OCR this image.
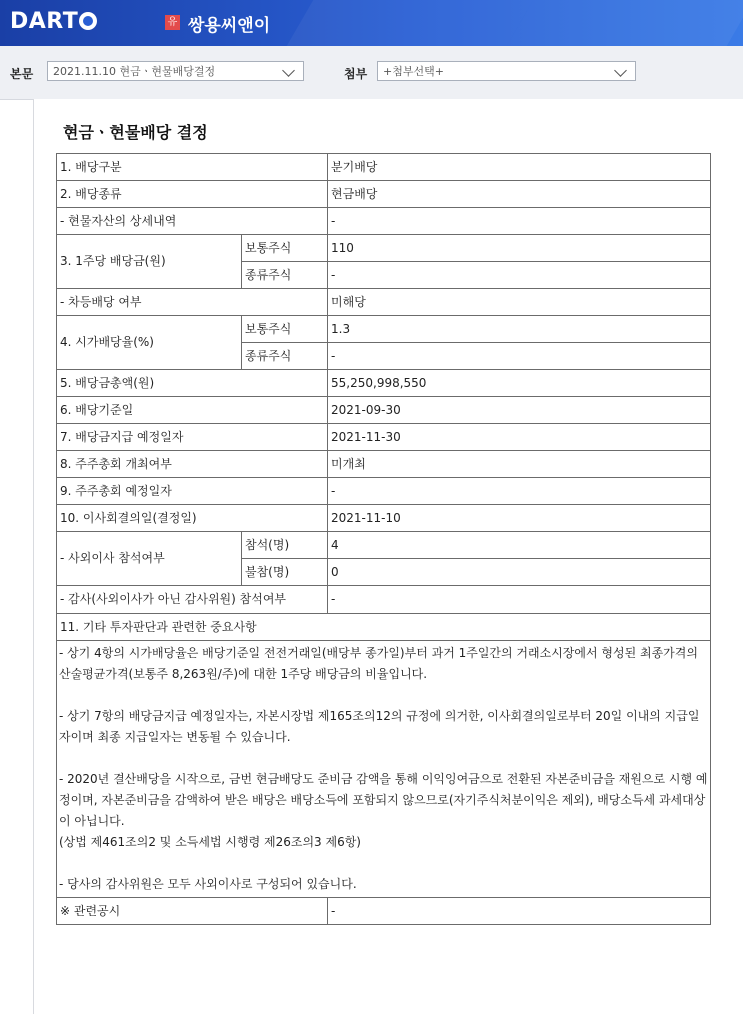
DART	유 쌍용씨앤이
본문	2021.11.10 현금ㆍ현물배당결정	첨부	+첨부선택+
현금ㆍ현물배당 결정
1. 배당구분		분기배당
2. 배당종류		현금배당
- 현물자산의 상세내역		-
3. 1주당 배당금(원)	보통주식	110
	종류주식	-
- 차등배당 여부		미해당
4. 시가배당율(%)	보통주식	1.3
	종류주식	-
5. 배당금총액(원)		55,250,998,550
6. 배당기준일		2021-09-30
7. 배당금지급 예정일자		2021-11-30
8. 주주총회 개최여부		미개최
9. 주주총회 예정일자		-
10. 이사회결의일(결정일)		2021-11-10
- 사외이사 참석여부	참석(명)	4
	불참(명)	0
- 감사(사외이사가 아닌 감사위원) 참석여부		-
11. 기타 투자판단과 관련한 중요사항		
- 상기 4항의 시가배당율은 배당기준일 전전거래일(배당부 종가일)부터 과거 1주일간의 거래소시장에서 형성된 최종가격의 산술평균가격(보통주 8,263원/주)에 대한 1주당 배당금의 비율입니다.

- 상기 7항의 배당금지급 예정일자는, 자본시장법 제165조의12의 규정에 의거한, 이사회결의일로부터 20일 이내의 지급일자이며 최종 지급일자는 변동될 수 있습니다.

- 2020년 결산배당을 시작으로, 금번 현금배당도 준비금 감액을 통해 이익잉여금으로 전환된 자본준비금을 재원으로 시행 예정이며, 자본준비금을 감액하여 받은 배당은 배당소득에 포함되지 않으므로(자기주식처분이익은 제외), 배당소득세 과세대상이 아닙니다.
(상법 제461조의2 및 소득세법 시행령 제26조의3 제6항)

- 당사의 감사위원은 모두 사외이사로 구성되어 있습니다.		
※ 관련공시		-
